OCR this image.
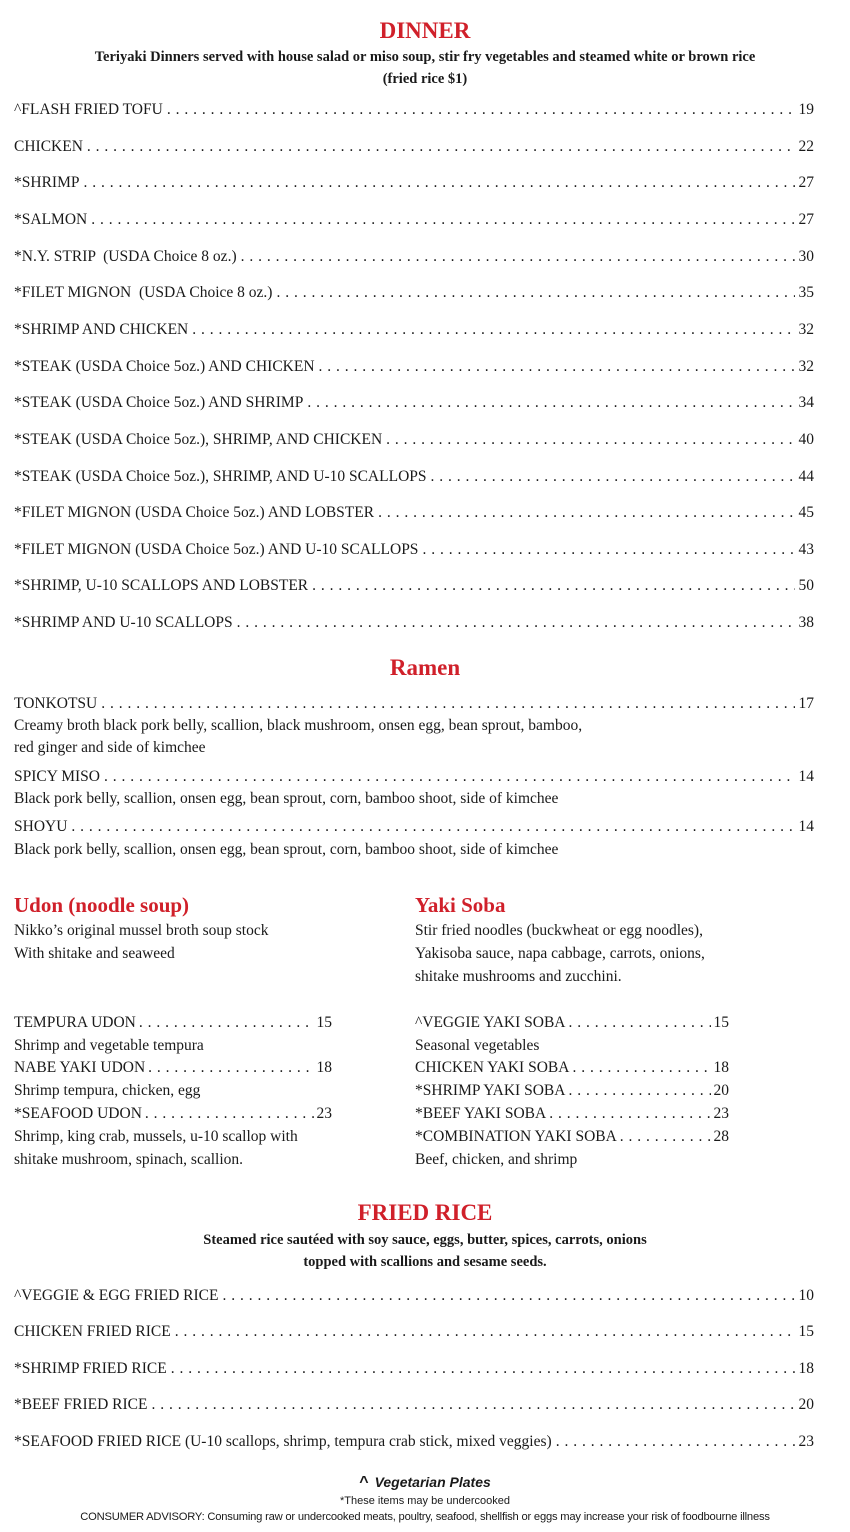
DINNER
Teriyaki Dinners served with house salad or miso soup, stir fry vegetables and steamed white or brown rice
(fried rice $1)
^FLASH FRIED TOFU . . .	19
CHICKEN . . .	22
*SHRIMP . . .	27
*SALMON . . .	27
*N.Y. STRIP  (USDA Choice 8 oz.) . . .	30
*FILET MIGNON  (USDA Choice 8 oz.) . . .	35
*SHRIMP AND CHICKEN . . .	32
*STEAK (USDA Choice 5oz.) AND CHICKEN . . .	32
*STEAK (USDA Choice 5oz.) AND SHRIMP . . .	34
*STEAK (USDA Choice 5oz.), SHRIMP, AND CHICKEN . . .	40
*STEAK (USDA Choice 5oz.), SHRIMP, AND U-10 SCALLOPS . . .	44
*FILET MIGNON (USDA Choice 5oz.) AND LOBSTER . . .	45
*FILET MIGNON (USDA Choice 5oz.) AND U-10 SCALLOPS . . .	43
*SHRIMP, U-10 SCALLOPS AND LOBSTER . . .	50
*SHRIMP AND U-10 SCALLOPS . . .	38
Ramen
TONKOTSU . . .	17
Creamy broth black pork belly, scallion, black mushroom, onsen egg, bean sprout, bamboo,
red ginger and side of kimchee
SPICY MISO . . .	14
Black pork belly, scallion, onsen egg, bean sprout, corn, bamboo shoot, side of kimchee
SHOYU . . .	14
Black pork belly, scallion, onsen egg, bean sprout, corn, bamboo shoot, side of kimchee
Udon (noodle soup)
Nikko’s original mussel broth soup stock
With shitake and seaweed
TEMPURA UDON . . .	15
Shrimp and vegetable tempura
NABE YAKI UDON . . .	18
Shrimp tempura, chicken, egg
*SEAFOOD UDON . . .	23
Shrimp, king crab, mussels, u-10 scallop with
shitake mushroom, spinach, scallion.
Yaki Soba
Stir fried noodles (buckwheat or egg noodles),
Yakisoba sauce, napa cabbage, carrots, onions,
shitake mushrooms and zucchini.
^VEGGIE YAKI SOBA . . .	15
Seasonal vegetables
CHICKEN YAKI SOBA . . .	18
*SHRIMP YAKI SOBA . . .	20
*BEEF YAKI SOBA . . .	23
*COMBINATION YAKI SOBA . . .	28
Beef, chicken, and shrimp
FRIED RICE
Steamed rice sautéed with soy sauce, eggs, butter, spices, carrots, onions
topped with scallions and sesame seeds.
^VEGGIE & EGG FRIED RICE . . .	10
CHICKEN FRIED RICE . . .	15
*SHRIMP FRIED RICE . . .	18
*BEEF FRIED RICE . . .	20
*SEAFOOD FRIED RICE (U-10 scallops, shrimp, tempura crab stick, mixed veggies) . . .	23
^ Vegetarian Plates
*These items may be undercooked
CONSUMER ADVISORY: Consuming raw or undercooked meats, poultry, seafood, shellfish or eggs may increase your risk of foodbourne illness
